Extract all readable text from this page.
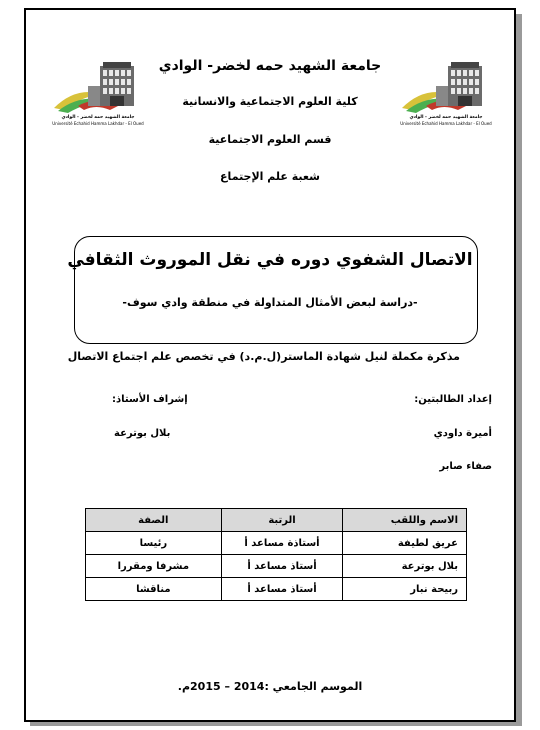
جامعة الشهيد حمه لخضر - الوادي
Université Echahid Hamma Lakhdar - El Oued
جامعة الشهيد حمه لخضر - الوادي
Université Echahid Hamma Lakhdar - El Oued
جامعة الشهيد حمه لخضر- الوادي
كلية العلوم الاجتماعية والانسانية
قسم العلوم الاجتماعية
شعبة علم الإجتماع
الاتصال الشفوي دوره في نقل الموروث الثقافي
-دراسة لبعض الأمثال المتداولة في منطقة وادي سوف-
مذكرة مكملة لنيل شهادة الماستر(ل.م.د) في تخصص علم اجتماع الاتصال
إعداد الطالبتين:
إشراف الأستاذ:
أميرة داودي
بلال بوترعة
صفاء صابر
الاسم واللقب	الرتبة	الصفة
عريق لطيفة	أستاذة مساعد أ	رئيسا
بلال بوترعة	أستاذ مساعد أ	مشرفا ومقررا
ربيحة نبار	أستاذ مساعد أ	مناقشا
الموسم الجامعي :2014 – 2015م.
